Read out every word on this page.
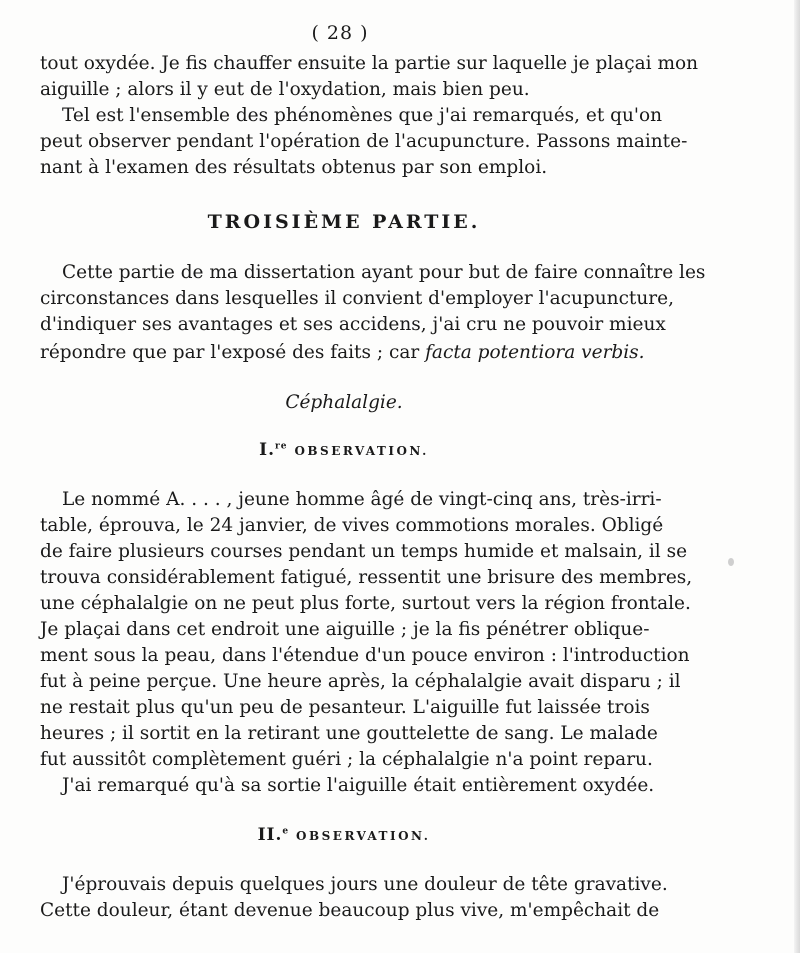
( 28 )
tout oxydée. Je fis chauffer ensuite la partie sur laquelle je plaçai mon
aiguille ; alors il y eut de l'oxydation, mais bien peu.
Tel est l'ensemble des phénomènes que j'ai remarqués, et qu'on
peut observer pendant l'opération de l'acupuncture. Passons mainte-
nant à l'examen des résultats obtenus par son emploi.
TROISIÈME PARTIE.
Cette partie de ma dissertation ayant pour but de faire connaître les
circonstances dans lesquelles il convient d'employer l'acupuncture,
d'indiquer ses avantages et ses accidens, j'ai cru ne pouvoir mieux
répondre que par l'exposé des faits ; car facta potentiora verbis.
Céphalalgie.
I.$^{re}$ OBSERVATION.
Le nommé A. . . . , jeune homme âgé de vingt-cinq ans, très-irri-
table, éprouva, le 24 janvier, de vives commotions morales. Obligé
de faire plusieurs courses pendant un temps humide et malsain, il se
trouva considérablement fatigué, ressentit une brisure des membres,
une céphalalgie on ne peut plus forte, surtout vers la région frontale.
Je plaçai dans cet endroit une aiguille ; je la fis pénétrer oblique-
ment sous la peau, dans l'étendue d'un pouce environ : l'introduction
fut à peine perçue. Une heure après, la céphalalgie avait disparu ; il
ne restait plus qu'un peu de pesanteur. L'aiguille fut laissée trois
heures ; il sortit en la retirant une gouttelette de sang. Le malade
fut aussitôt complètement guéri ; la céphalalgie n'a point reparu.
J'ai remarqué qu'à sa sortie l'aiguille était entièrement oxydée.
II.$^e$ OBSERVATION.
J'éprouvais depuis quelques jours une douleur de tête gravative.
Cette douleur, étant devenue beaucoup plus vive, m'empêchait de
